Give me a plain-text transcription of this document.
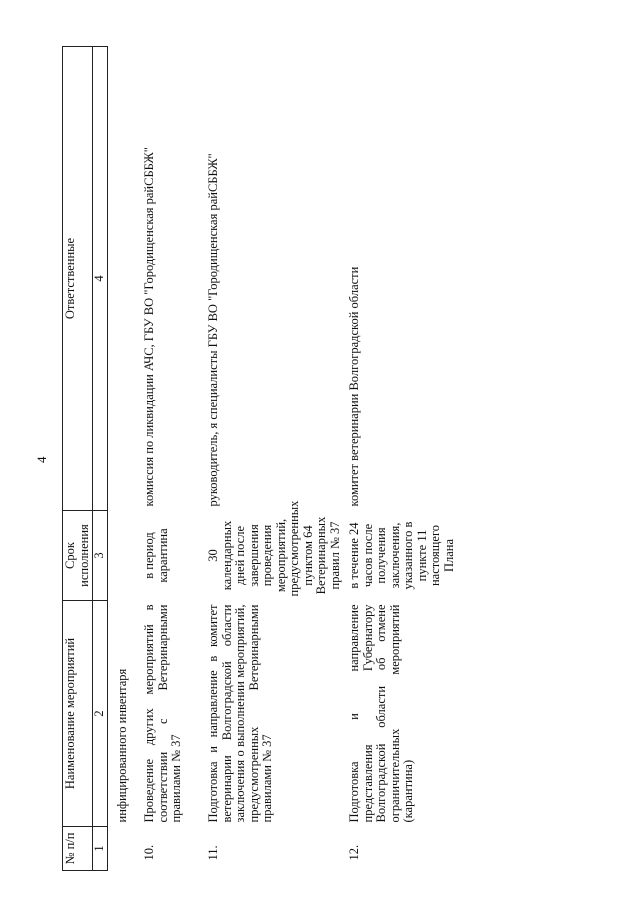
4
№ п/п	Наименование мероприятий	Срок исполнения	Ответственные
1	2	3	4
	инфицированного инвентаря		
10.	Проведение других мероприятий в соответствии с Ветеринарными правилами № 37	в период карантина	комиссия по ликвидации АЧС, ГБУ ВО "Городищенская райСББЖ"
11.	Подготовка и направление в комитет ветеринарии Волгоградской области заключения о выполнении мероприятий, предусмотренных Ветеринарными правилами № 37	30 календарных дней после завершения проведения мероприятий, предусмотренных пунктом 64 Ветеринарных правил № 37	руководитель, я специалисты ГБУ ВО "Городищенская райСББЖ"
12.	Подготовка и направление представления Губернатору Волгоградской области об отмене ограничительных мероприятий (карантина)	в течение 24 часов после получения заключения, указанного в пункте 11 настоящего Плана	комитет ветеринарии Волгоградской области
